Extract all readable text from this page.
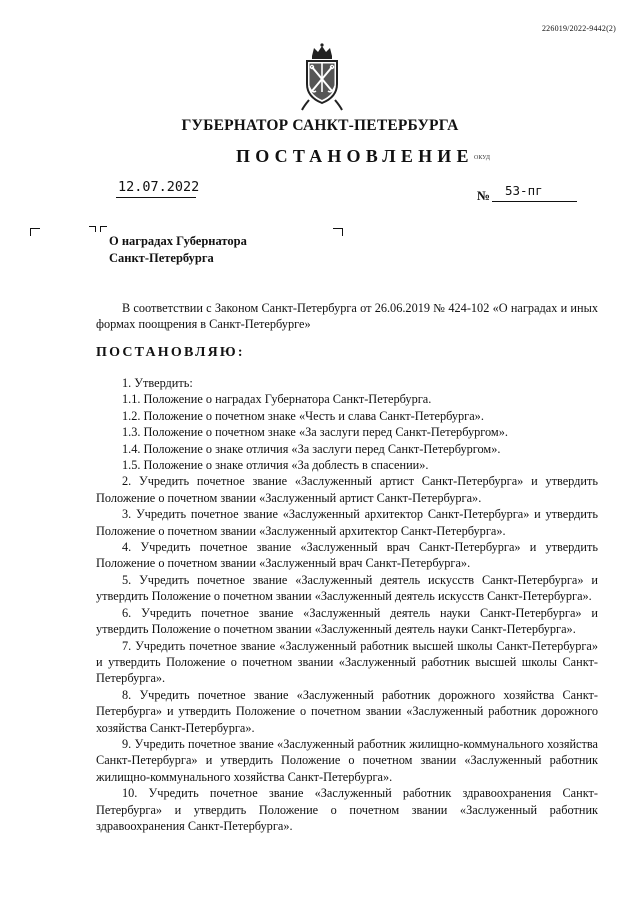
226019/2022-9442(2)
ГУБЕРНАТОР САНКТ-ПЕТЕРБУРГА
ПОСТАНОВЛЕНИЕ ОКУД
12.07.2022
№ 53-пг
О наградах Губернатора
Санкт-Петербурга
В соответствии с Законом Санкт-Петербурга от 26.06.2019 № 424-102 «О наградах и иных формах поощрения в Санкт-Петербурге»
ПОСТАНОВЛЯЮ:

1. Утвердить:

1.1. Положение о наградах Губернатора Санкт-Петербурга.

1.2. Положение о почетном знаке «Честь и слава Санкт-Петербурга».

1.3. Положение о почетном знаке «За заслуги перед Санкт-Петербургом».

1.4. Положение о знаке отличия «За заслуги перед Санкт-Петербургом».

1.5. Положение о знаке отличия «За доблесть в спасении».

2. Учредить почетное звание «Заслуженный артист Санкт-Петербурга» и утвердить Положение о почетном звании «Заслуженный артист Санкт-Петербурга».

3. Учредить почетное звание «Заслуженный архитектор Санкт-Петербурга» и утвердить Положение о почетном звании «Заслуженный архитектор Санкт-Петербурга».

4. Учредить почетное звание «Заслуженный врач Санкт-Петербурга» и утвердить Положение о почетном звании «Заслуженный врач Санкт-Петербурга».

5. Учредить почетное звание «Заслуженный деятель искусств Санкт-Петербурга» и утвердить Положение о почетном звании «Заслуженный деятель искусств Санкт-Петербурга».

6. Учредить почетное звание «Заслуженный деятель науки Санкт-Петербурга» и утвердить Положение о почетном звании «Заслуженный деятель науки Санкт-Петербурга».

7. Учредить почетное звание «Заслуженный работник высшей школы Санкт-Петербурга» и утвердить Положение о почетном звании «Заслуженный работник высшей школы Санкт-Петербурга».

8. Учредить почетное звание «Заслуженный работник дорожного хозяйства Санкт-Петербурга» и утвердить Положение о почетном звании «Заслуженный работник дорожного хозяйства Санкт-Петербурга».

9. Учредить почетное звание «Заслуженный работник жилищно-коммунального хозяйства Санкт-Петербурга» и утвердить Положение о почетном звании «Заслуженный работник жилищно-коммунального хозяйства Санкт-Петербурга».

10. Учредить почетное звание «Заслуженный работник здравоохранения Санкт-Петербурга» и утвердить Положение о почетном звании «Заслуженный работник здравоохранения Санкт-Петербурга».
